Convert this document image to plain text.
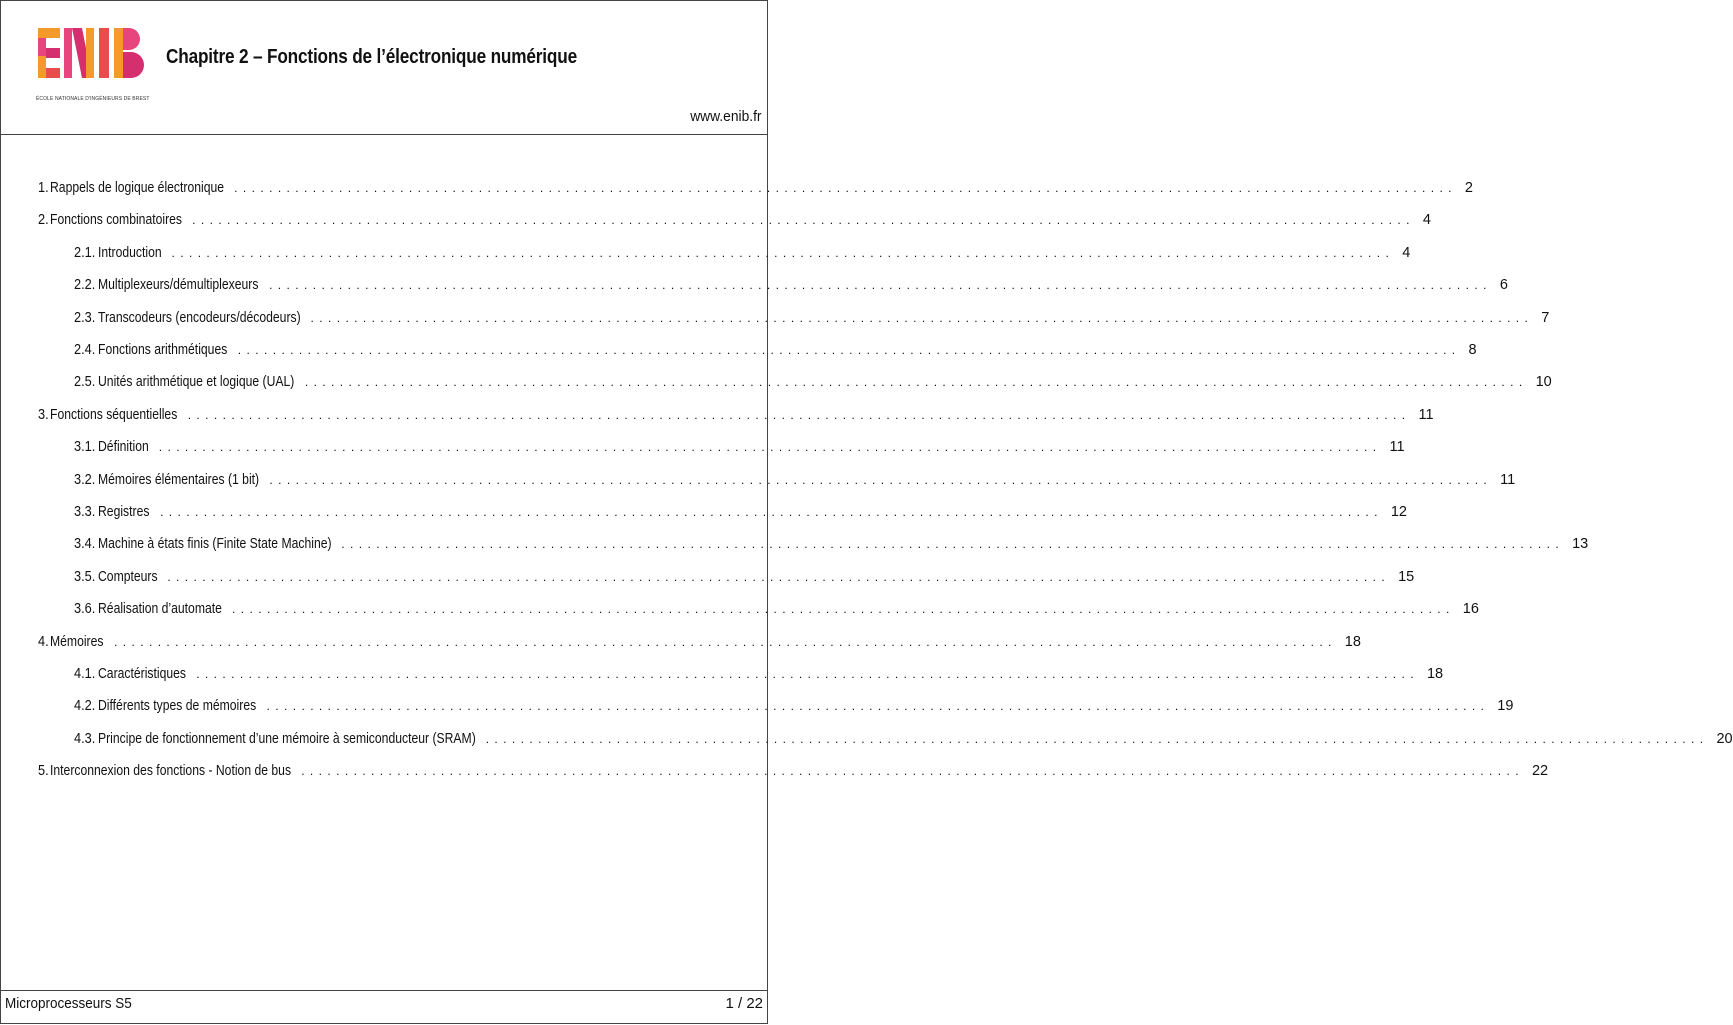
ÉCOLE NATIONALE D'INGÉNIEURS DE BREST
Chapitre 2 – Fonctions de l’électronique numérique
www.enib.fr
1. Rappels de logique électronique ............................................................................................................................................ 2
2. Fonctions combinatoires ............................................................................................................................................ 4
2.1. Introduction ............................................................................................................................................ 4
2.2. Multiplexeurs/démultiplexeurs ............................................................................................................................................ 6
2.3. Transcodeurs (encodeurs/décodeurs) ............................................................................................................................................ 7
2.4. Fonctions arithmétiques ............................................................................................................................................ 8
2.5. Unités arithmétique et logique (UAL) ............................................................................................................................................ 10
3. Fonctions séquentielles ............................................................................................................................................ 11
3.1. Définition ............................................................................................................................................ 11
3.2. Mémoires élémentaires (1 bit) ............................................................................................................................................ 11
3.3. Registres ............................................................................................................................................ 12
3.4. Machine à états finis (Finite State Machine) ............................................................................................................................................ 13
3.5. Compteurs ............................................................................................................................................ 15
3.6. Réalisation d’automate ............................................................................................................................................ 16
4. Mémoires ............................................................................................................................................ 18
4.1. Caractéristiques ............................................................................................................................................ 18
4.2. Différents types de mémoires ............................................................................................................................................ 19
4.3. Principe de fonctionnement d’une mémoire à semiconducteur (SRAM) ............................................................................................................................................ 20
5. Interconnexion des fonctions - Notion de bus ............................................................................................................................................ 22
Microprocesseurs S5	1 / 22
